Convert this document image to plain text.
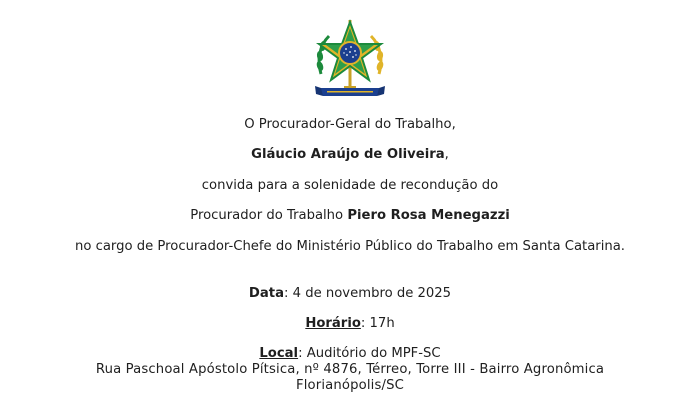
O Procurador-Geral do Trabalho,
Gláucio Araújo de Oliveira,
convida para a solenidade de recondução do
Procurador do Trabalho Piero Rosa Menegazzi
no cargo de Procurador-Chefe do Ministério Público do Trabalho em Santa Catarina.
Data: 4 de novembro de 2025
Horário: 17h
Local: Auditório do MPF-SC
Rua Paschoal Apóstolo Pítsica, nº 4876, Térreo, Torre III - Bairro Agronômica
Florianópolis/SC
